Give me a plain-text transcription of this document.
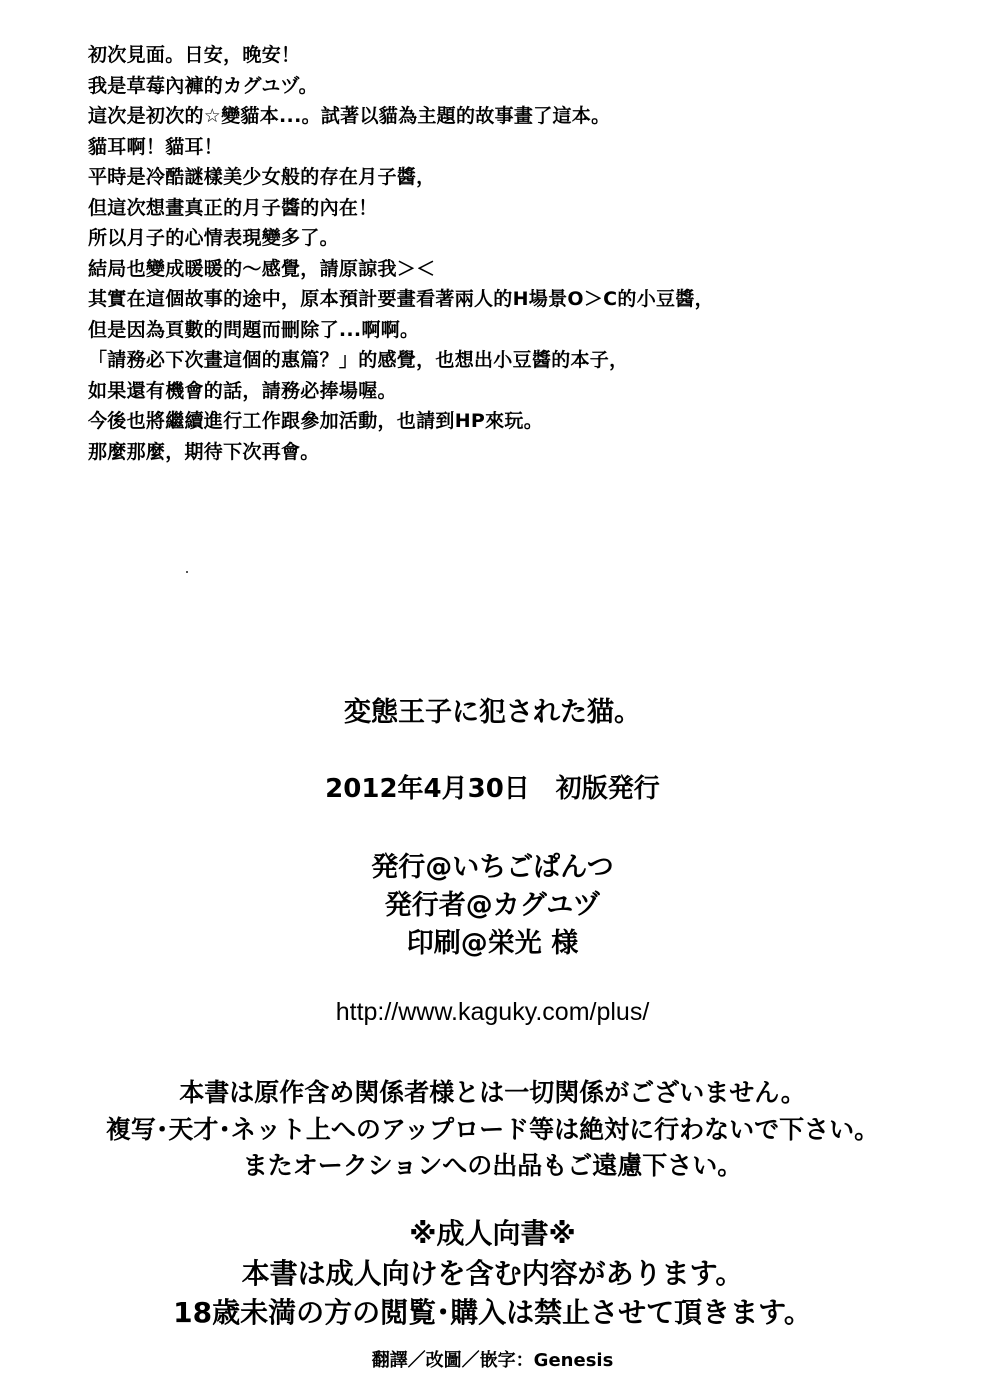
初次見面。日安，晚安！
我是草莓內褲的カグユヅ。
這次是初次的☆變貓本...。試著以貓為主題的故事畫了這本。
貓耳啊！貓耳！
平時是冷酷謎樣美少女般的存在月子醬，
但這次想畫真正的月子醬的內在！
所以月子的心情表現變多了。
結局也變成暖暖的～感覺，請原諒我＞＜
其實在這個故事的途中，原本預計要畫看著兩人的H場景O＞C的小豆醬，
但是因為頁數的問題而刪除了...啊啊。
「請務必下次畫這個的惠篇？」的感覺，也想出小豆醬的本子，
如果還有機會的話，請務必捧場喔。
今後也將繼續進行工作跟參加活動，也請到HP來玩。
那麼那麼，期待下次再會。
変態王子に犯された猫。
2012年4月30日　初版発行
発行@いちごぱんつ
発行者@カグユヅ
印刷@栄光 様
http://www.kaguky.com/plus/
本書は原作含め関係者様とは一切関係がございません。
複写･天才･ネット上へのアップロード等は絶対に行わないで下さい。
またオークションへの出品もご遠慮下さい。
※成人向書※
本書は成人向けを含む内容があります。
18歳未満の方の閲覧･購入は禁止させて頂きます。
翻譯／改圖／嵌字：Genesis
